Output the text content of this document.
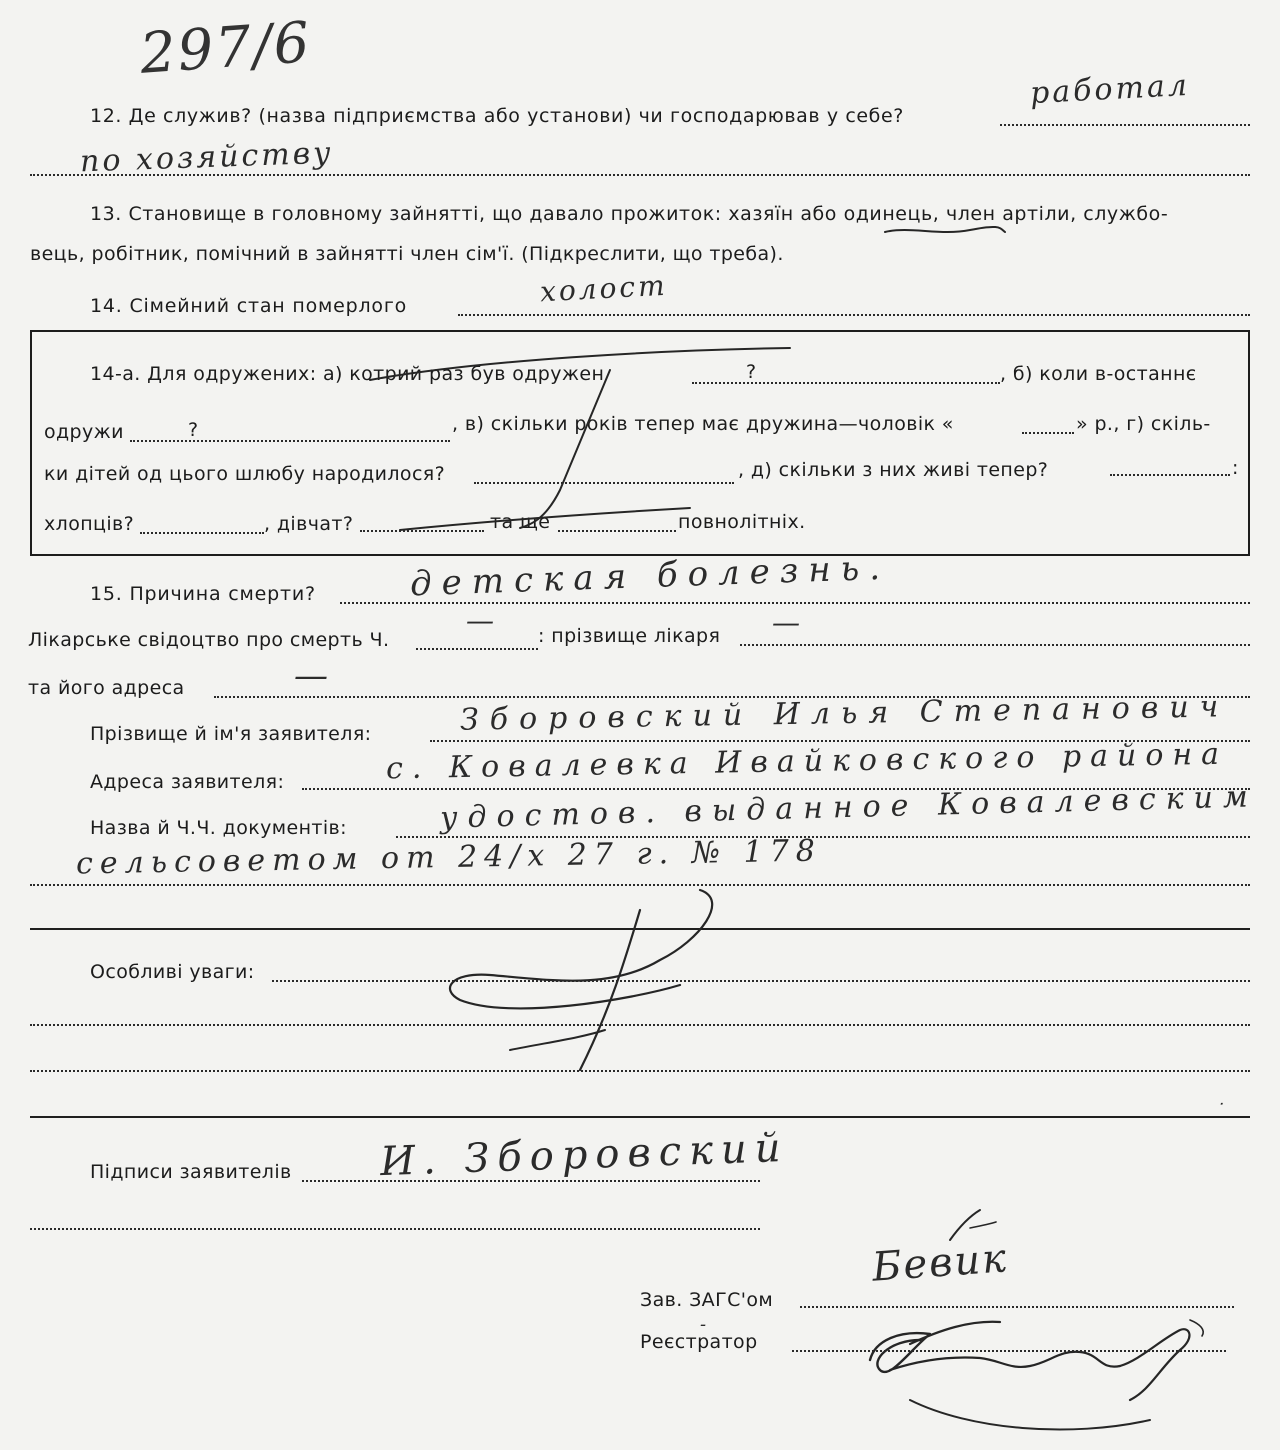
297/6
12. Де служив? (назва підприємства або установи) чи господарював у себе?
работал
по хозяйству
13. Становище в головному зайнятті, що давало прожиток: хазяїн або одинець, член артіли, службо-
вець, робітник, помічний в зайнятті член сім'ї. (Підкреслити, що треба).
14. Сімейний стан померлого	холост
14-а. Для одружених: а) котрий раз був одружен	?	, б) коли в-останнє
одружи	?	, в) скільки років тепер має дружина—чоловік «	» р., г) скіль-
ки дітей од цього шлюбу народилося?	, д) скільки з них живі тепер?	:
хлопців?	, дівчат?	та ще	повнолітніх.
15. Причина смерти?	детская болезнь.
Лікарське свідоцтво про смерть Ч.
— : прізвище лікаря —
та його адреса	—
Прізвище й ім'я заявителя:	Зборовский Илья Степанович
Адреса заявителя:	с. Ковалевка Ивайковского района
Назва й Ч.Ч. документів:	удостов. выданное Ковалевским
сельсоветом от 24/х 27 г. № 178
Особливі уваги:
ᐝ
Підписи заявителів И. Зборовский
Зав. ЗАГС'ом
Бевик
-
Реєстратор
